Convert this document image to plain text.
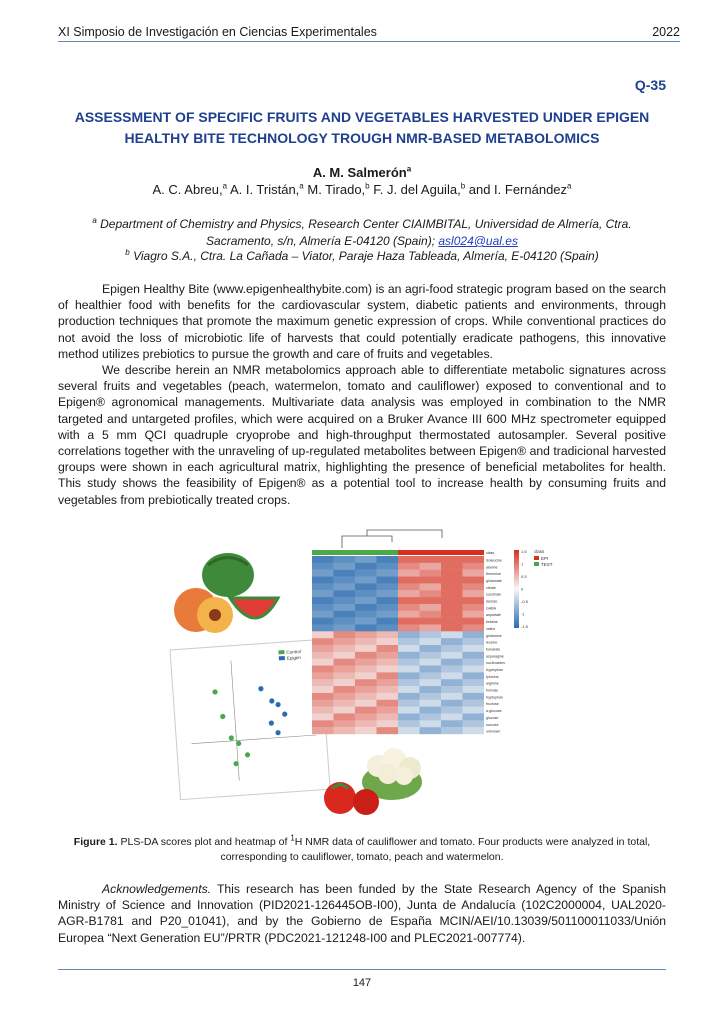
XI Simposio de Investigación en Ciencias Experimentales	2022
Q-35
ASSESSMENT OF SPECIFIC FRUITS AND VEGETABLES HARVESTED UNDER EPIGEN HEALTHY BITE TECHNOLOGY TROUGH NMR-BASED METABOLOMICS
A. M. Salmerón$^a$
A. C. Abreu,$^a$ A. I. Tristán,$^a$ M. Tirado,$^b$ F. J. del Aguila,$^b$ and I. Fernández$^a$
$^a$ Department of Chemistry and Physics, Research Center CIAIMBITAL, Universidad de Almería, Ctra. Sacramento, s/n, Almería E-04120 (Spain); asl024@ual.es
$^b$ Viagro S.A., Ctra. La Cañada – Viator, Paraje Haza Tableada, Almería, E-04120 (Spain)
Epigen Healthy Bite (www.epigenhealthybite.com) is an agri-food strategic program based on the search of healthier food with benefits for the cardiovascular system, diabetic patients and environments, through production techniques that promote the maximum genetic expression of crops. While conventional practices do not avoid the loss of microbiotic life of harvests that could potentially eradicate pathogens, this innovative method utilizes prebiotics to pursue the growth and care of fruits and vegetables.
We describe herein an NMR metabolomics approach able to differentiate metabolic signatures across several fruits and vegetables (peach, watermelon, tomato and cauliflower) exposed to conventional and to Epigen® agronomical managements. Multivariate data analysis was employed in combination to the NMR targeted and untargeted profiles, which were acquired on a Bruker Avance III 600 MHz spectrometer equipped with a 5 mm QCI quadruple cryoprobe and high-throughput thermostated autosampler. Several positive correlations together with the unraveling of up-regulated metabolites between Epigen® and tradicional harvested groups were shown in each agricultural matrix, highlighting the presence of beneficial metabolites for health. This study shows the feasibility of Epigen® as a potential tool to increase health by consuming fruits and vegetables from prebiotically treated crops.
Control
Epigen
isoleucine
alanine
threonine
glutamate
citrate
succinate
lactose
GABA
aspartate
betaine
valine
glutamine
leucine
fumarate
asparagine
nucleosides
tryptophan
tyrosine
arginine
formate
tryptophan
fructose
α-glucose
glucose
sucrose
unknown
class	1.5
1
0.5
0
-0.5
-1
-1.5
class
EPI
TEST
Figure 1. PLS-DA scores plot and heatmap of $^1$H NMR data of cauliflower and tomato. Four products were analyzed in total, corresponding to cauliflower, tomato, peach and watermelon.
Acknowledgements. This research has been funded by the State Research Agency of the Spanish Ministry of Science and Innovation (PID2021-126445OB-I00), Junta de Andalucía (102C2000004, UAL2020-AGR-B1781 and P20_01041), and by the Gobierno de España MCIN/AEI/10.13039/501100011033/Unión Europea “Next Generation EU”/PRTR (PDC2021-121248-I00 and PLEC2021-007774).
147
